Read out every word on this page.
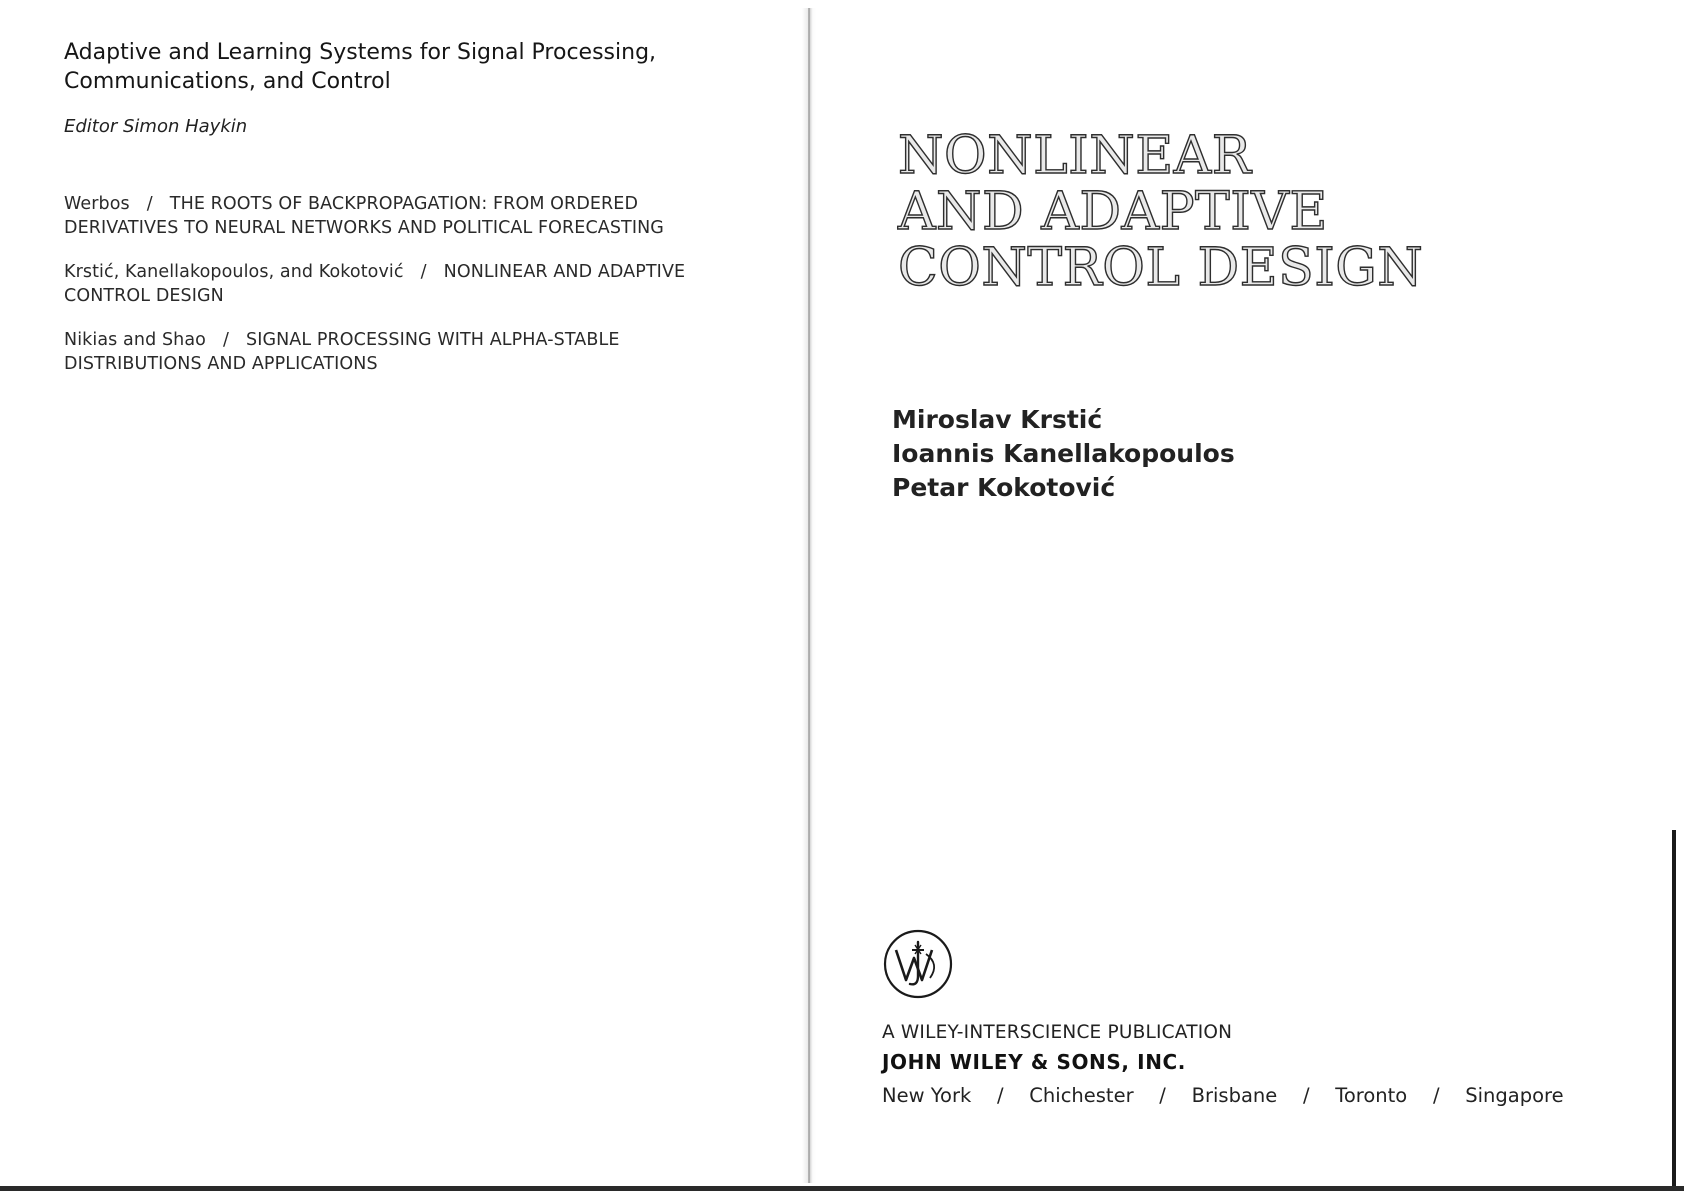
Adaptive and Learning Systems for Signal Processing,
Communications, and Control
Editor Simon Haykin
Werbos   /   THE ROOTS OF BACKPROPAGATION: FROM ORDERED DERIVATIVES TO NEURAL NETWORKS AND POLITICAL FORECASTING
Krstić, Kanellakopoulos, and Kokotović   /   NONLINEAR AND ADAPTIVE CONTROL DESIGN
Nikias and Shao   /   SIGNAL PROCESSING WITH ALPHA-STABLE DISTRIBUTIONS AND APPLICATIONS
NONLINEAR
AND ADAPTIVE
CONTROL DESIGN
Miroslav Krstić
Ioannis Kanellakopoulos
Petar Kokotović
A WILEY-INTERSCIENCE PUBLICATION
JOHN WILEY & SONS, INC.
New York	/	Chichester	/	Brisbane	/	Toronto	/	Singapore
